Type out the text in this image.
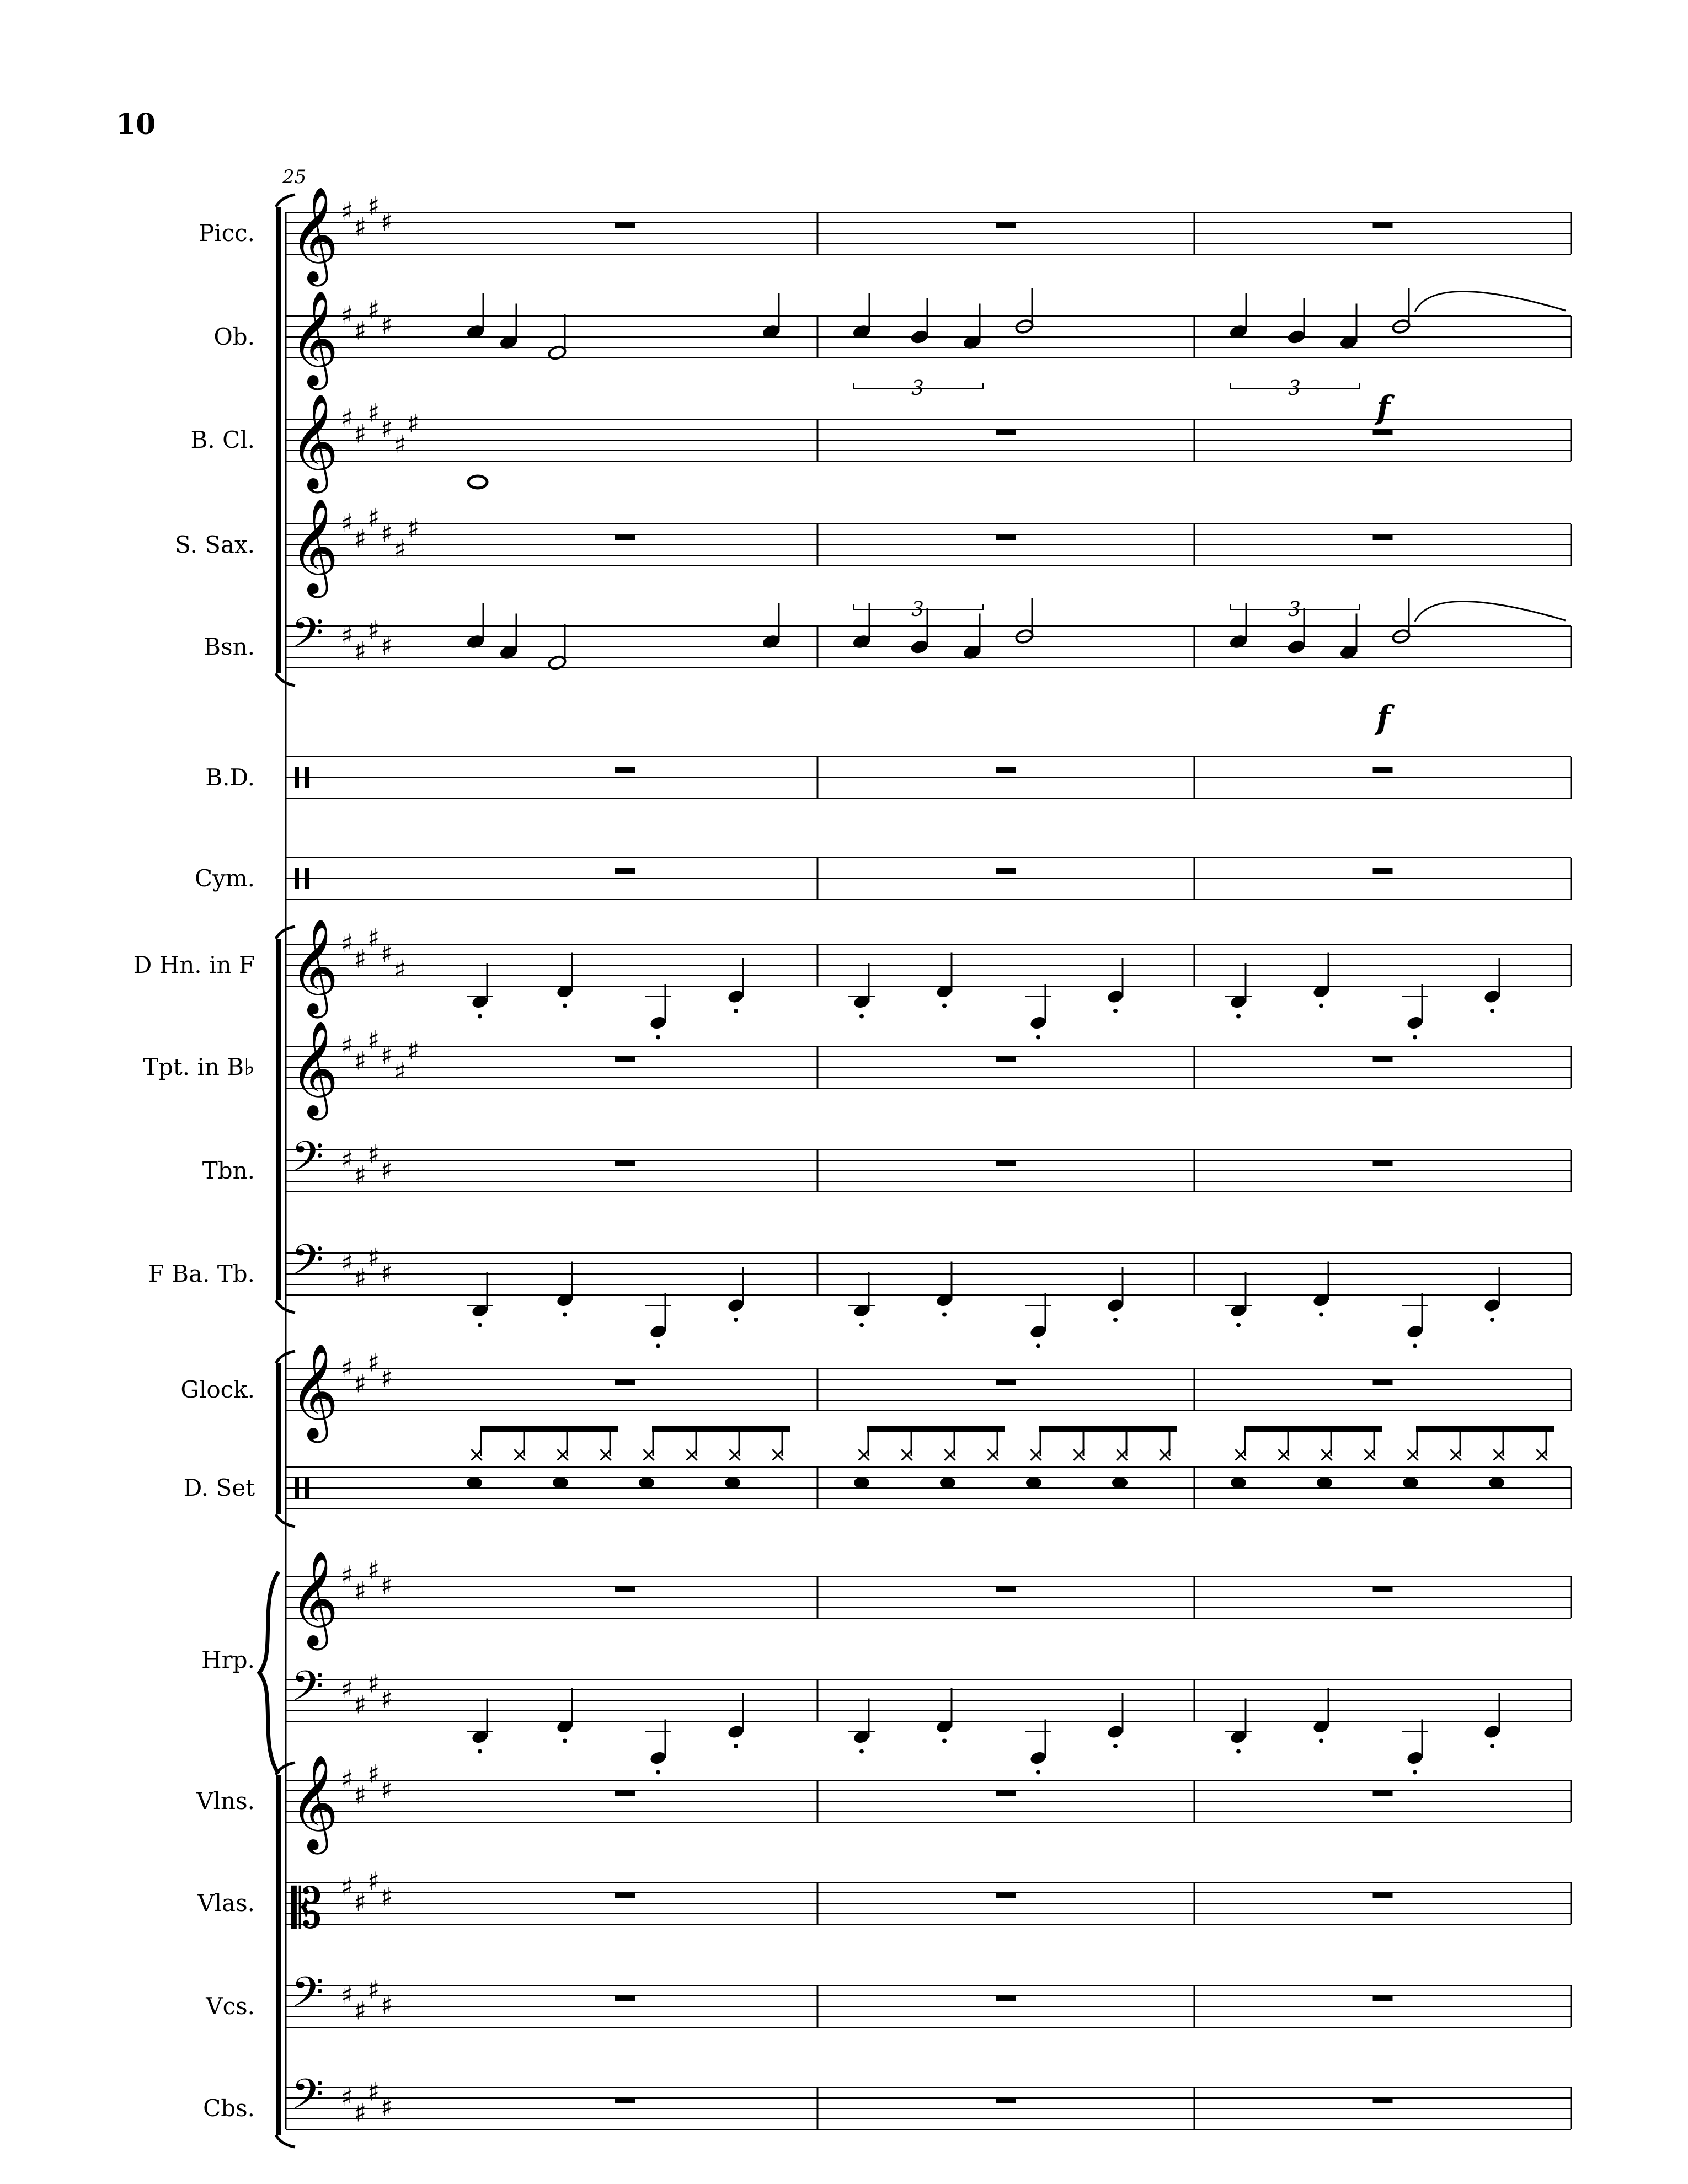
10
Picc. 𝄞 ♯
♯
♯
♯
Ob. 𝄞 ♯
♯
♯
♯
3	3
f
B. Cl. 𝄞 ♯
♯
♯
♯
♯
♯
S. Sax. 𝄞 ♯
♯
♯
♯
♯
♯
Bsn. 𝄢 ♯
♯
♯
♯
3	3
f
B.D.
Cym.
D Hn. in F 𝄞 ♯
♯
♯
♯
♯
Tpt. in B♭ 𝄞 ♯
♯
♯
♯
♯
♯
Tbn. 𝄢 ♯
♯
♯
♯
F Ba. Tb. 𝄢 ♯
♯
♯
♯
Glock. 𝄞 ♯
♯
♯
♯
D. Set
× × × × × × × ×	× × × × × × × ×	× × × × × × × ×
Hrp.
𝄞 ♯
♯
♯
♯
𝄢 ♯
♯
♯
♯
Vlns. 𝄞 ♯
♯
♯
♯
Vlas. 𝄡 ♯
♯
♯
♯
Vcs. 𝄢 ♯
♯
♯
♯
Cbs. 𝄢 ♯
♯
♯
♯
25
